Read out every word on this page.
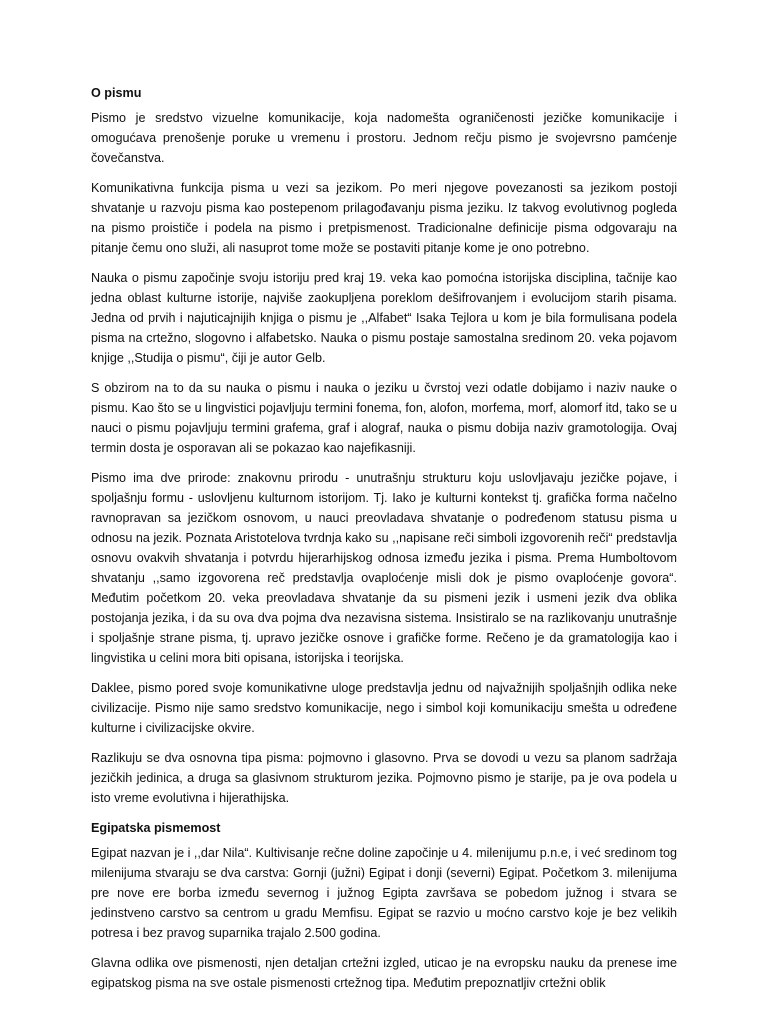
O pismu

Pismo je sredstvo vizuelne komunikacije, koja nadomešta ograničenosti jezičke komunikacije i omogućava prenošenje poruke u vremenu i prostoru. Jednom rečju pismo je svojevrsno pamćenje čovečanstva.

Komunikativna funkcija pisma u vezi sa jezikom. Po meri njegove povezanosti sa jezikom postoji shvatanje u razvoju pisma kao postepenom prilagođavanju pisma jeziku. Iz takvog evolutivnog pogleda na pismo proističe i podela na pismo i pretpismenost. Tradicionalne definicije pisma odgovaraju na pitanje čemu ono služi, ali nasuprot tome može se postaviti pitanje kome je ono potrebno.

Nauka o pismu započinje svoju istoriju pred kraj 19. veka kao pomoćna istorijska disciplina, tačnije kao jedna oblast kulturne istorije, najviše zaokupljena poreklom dešifrovanjem i evolucijom starih pisama. Jedna od prvih i najuticajnijih knjiga o pismu je ,,Alfabet“ Isaka Tejlora u kom je bila formulisana podela pisma na crtežno, slogovno i alfabetsko. Nauka o pismu postaje samostalna sredinom 20. veka pojavom knjige ,,Studija o pismu“, čiji je autor Gelb.

S obzirom na to da su nauka o pismu i nauka o jeziku u čvrstoj vezi odatle dobijamo i naziv nauke o pismu. Kao što se u lingvistici pojavljuju termini fonema, fon, alofon, morfema, morf, alomorf itd, tako se u nauci o pismu pojavljuju termini grafema, graf i alograf, nauka o pismu dobija naziv gramotologija. Ovaj termin dosta je osporavan ali se pokazao kao najefikasniji.

Pismo ima dve prirode: znakovnu prirodu - unutrašnju strukturu koju uslovljavaju jezičke pojave, i spoljašnju formu - uslovljenu kulturnom istorijom. Tj. Iako je kulturni kontekst tj. grafička forma načelno ravnopravan sa jezičkom osnovom, u nauci preovladava shvatanje o podređenom statusu pisma u odnosu na jezik. Poznata Aristotelova tvrdnja kako su ,,napisane reči simboli izgovorenih reči“ predstavlja osnovu ovakvih shvatanja i potvrdu hijerarhijskog odnosa između jezika i pisma. Prema Humboltovom shvatanju ,,samo izgovorena reč predstavlja ovaploćenje misli dok je pismo ovaploćenje govora“. Međutim početkom 20. veka preovladava shvatanje da su pismeni jezik i usmeni jezik dva oblika postojanja jezika, i da su ova dva pojma dva nezavisna sistema. Insistiralo se na razlikovanju unutrašnje i spoljašnje strane pisma, tj. upravo jezičke osnove i grafičke forme. Rečeno je da gramatologija kao i lingvistika u celini mora biti opisana, istorijska i teorijska.

Daklee, pismo pored svoje komunikativne uloge predstavlja jednu od najvažnijih spoljašnjih odlika neke civilizacije. Pismo nije samo sredstvo komunikacije, nego i simbol koji komunikaciju smešta u određene kulturne i civilizacijske okvire.

Razlikuju se dva osnovna tipa pisma: pojmovno i glasovno. Prva se dovodi u vezu sa planom sadržaja jezičkih jedinica, a druga sa glasivnom strukturom jezika. Pojmovno pismo je starije, pa je ova podela u isto vreme evolutivna i hijerathijska.

Egipatska pismemost

Egipat nazvan je i ,,dar Nila“. Kultivisanje rečne doline započinje u 4. milenijumu p.n.e, i već sredinom tog milenijuma stvaraju se dva carstva: Gornji (južni) Egipat i donji (severni) Egipat. Početkom 3. milenijuma pre nove ere borba između severnog i južnog Egipta završava se pobedom južnog i stvara se jedinstveno carstvo sa centrom u gradu Memfisu. Egipat se razvio u moćno carstvo koje je bez velikih potresa i bez pravog suparnika trajalo 2.500 godina.

Glavna odlika ove pismenosti, njen detaljan crtežni izgled, uticao je na evropsku nauku da prenese ime egipatskog pisma na sve ostale pismenosti crtežnog tipa. Međutim prepoznatljiv crtežni oblik
